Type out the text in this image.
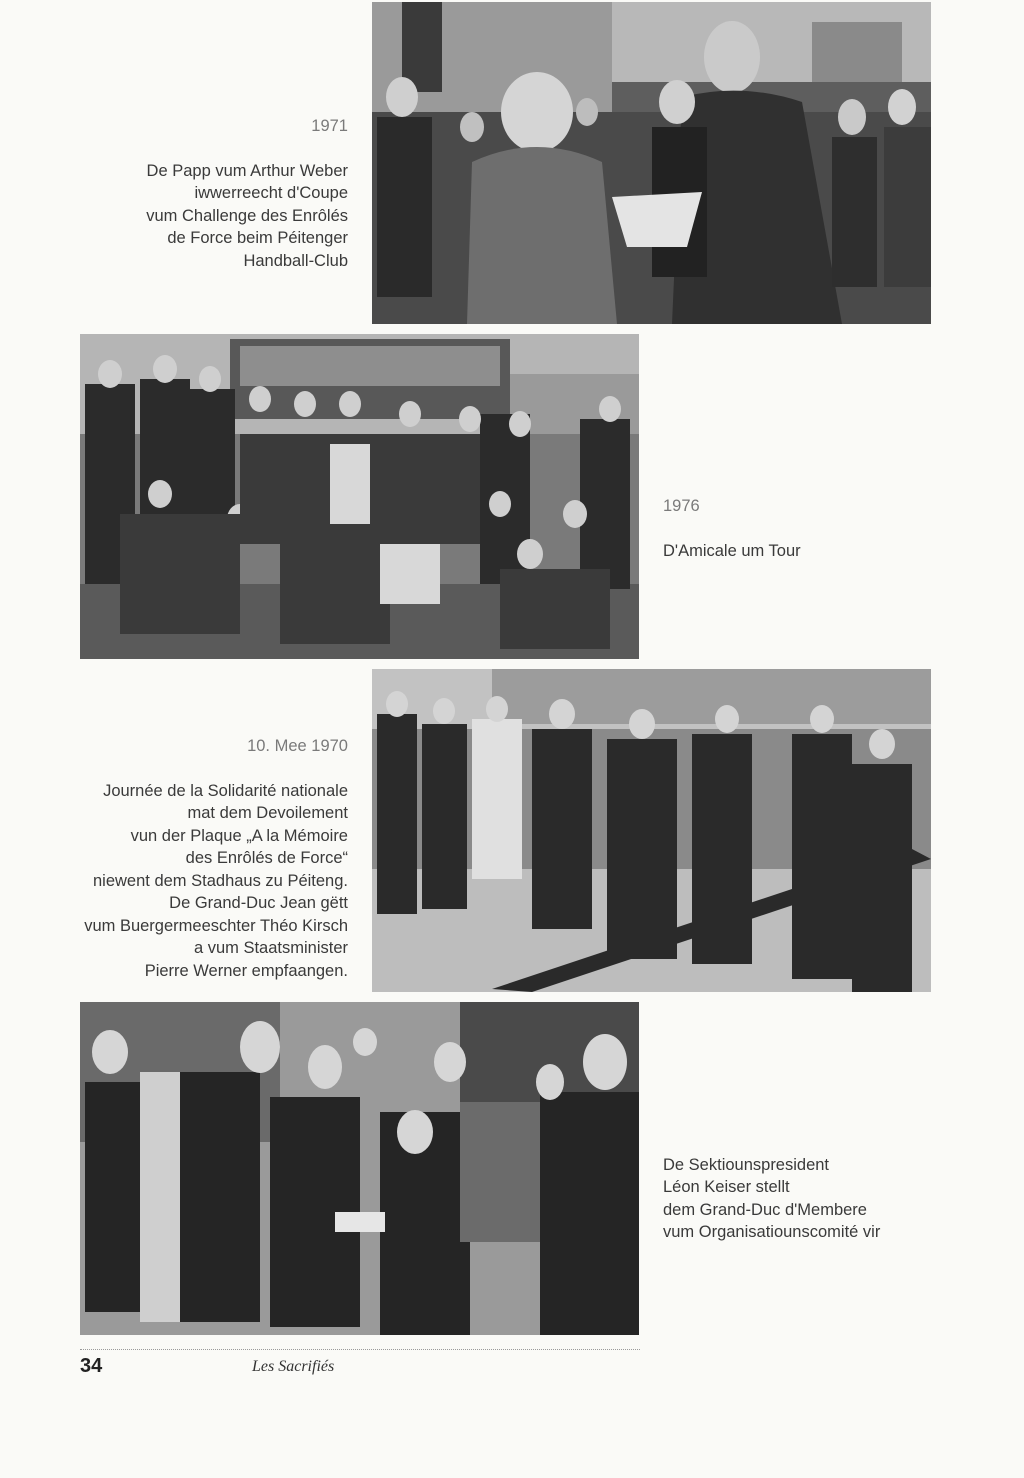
1971

De Papp vum Arthur Weber
iwwerreecht d'Coupe
vum Challenge des Enrôlés
de Force beim Péitenger
Handball-Club

1976

D'Amicale um Tour

10. Mee 1970

Journée de la Solidarité nationale
mat dem Devoilement
vun der Plaque „A la Mémoire
des Enrôlés de Force“
niewent dem Stadhaus zu Péiteng.
De Grand-Duc Jean gëtt
vum Buergermeeschter Théo Kirsch
a vum Staatsminister
Pierre Werner empfaangen.

De Sektiounspresident
Léon Keiser stellt
dem Grand-Duc d'Membere
vum Organisatiounscomité vir

34	Les Sacrifiés
